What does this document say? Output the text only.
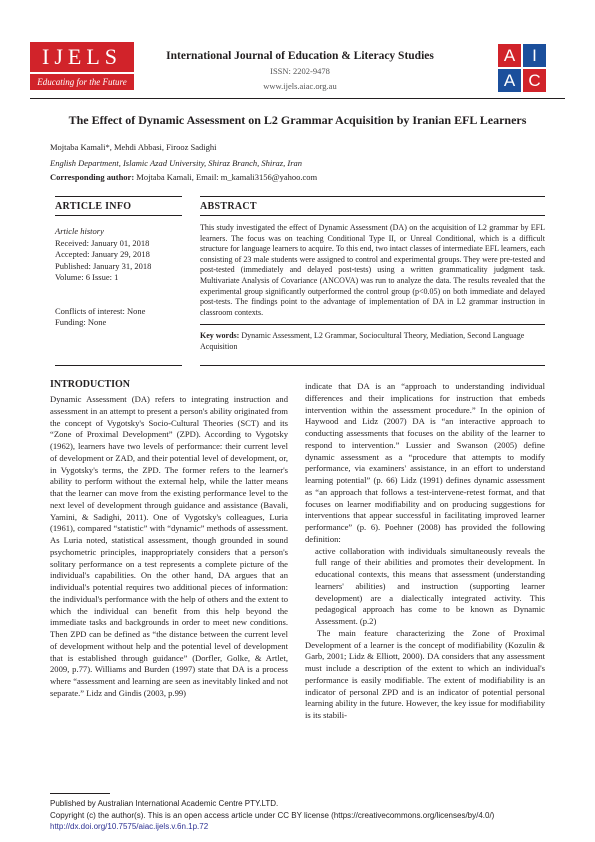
IJELS
Educating for the Future
International Journal of Education & Literacy Studies
ISSN: 2202-9478
www.ijels.aiac.org.au
A I
A C
The Effect of Dynamic Assessment on L2 Grammar Acquisition by Iranian EFL Learners
Mojtaba Kamali*, Mehdi Abbasi, Firooz Sadighi
English Department, Islamic Azad University, Shiraz Branch, Shiraz, Iran
Corresponding author: Mojtaba Kamali, Email: m_kamali3156@yahoo.com
ARTICLE INFO
Article history
Received: January 01, 2018
Accepted: January 29, 2018
Published: January 31, 2018
Volume: 6 Issue: 1
Conflicts of interest: None
Funding: None
ABSTRACT
This study investigated the effect of Dynamic Assessment (DA) on the acquisition of L2 grammar by EFL learners. The focus was on teaching Conditional Type II, or Unreal Conditional, which is a difficult structure for language learners to acquire. To this end, two intact classes of intermediate EFL learners, each consisting of 23 male students were assigned to control and experimental groups. They were pre-tested and post-tested (immediately and delayed post-tests) using a written grammaticality judgment task. Multivariate Analysis of Covariance (ANCOVA) was run to analyze the data. The results revealed that the experimental group significantly outperformed the control group (p<0.05) on both immediate and delayed post-tests. The findings point to the advantage of implementation of DA in L2 grammar instruction in classroom contexts.
Key words: Dynamic Assessment, L2 Grammar, Sociocultural Theory, Mediation, Second Language Acquisition
INTRODUCTION

Dynamic Assessment (DA) refers to integrating instruction and assessment in an attempt to present a person's ability originated from the concept of Vygotsky's Socio-Cultural Theories (SCT) and its “Zone of Proximal Development” (ZPD). According to Vygotsky (1962), learners have two levels of performance: their current level of development or ZAD, and their potential level of development, or, in Vygotsky's terms, the ZPD. The former refers to the learner's ability to perform without the external help, while the latter means that the learner can move from the existing performance level to the next level of development through guidance and assistance (Bavali, Yamini, & Sadighi, 2011). One of Vygotsky's colleagues, Luria (1961), compared “statistic” with “dynamic” methods of assessment. As Luria noted, statistical assessment, though grounded in sound psychometric principles, inappropriately considers that a person's solitary performance on a test represents a complete picture of the individual's capabilities. On the other hand, DA argues that an individual's potential requires two additional pieces of information: the individual's performance with the help of others and the extent to which the individual can benefit from this help beyond the immediate tasks and backgrounds in order to meet new conditions. Then ZPD can be defined as “the distance between the current level of development without help and the potential level of development that is established through guidance” (Dorfler, Golke, & Artlet, 2009, p.77). Williams and Burden (1997) state that DA is a process where “assessment and learning are seen as inevitably linked and not separate.” Lidz and Gindis (2003, p.99)

indicate that DA is an “approach to understanding individual differences and their implications for instruction that embeds intervention within the assessment procedure.” In the opinion of Haywood and Lidz (2007) DA is “an interactive approach to conducting assessments that focuses on the ability of the learner to respond to intervention.” Lussier and Swanson (2005) define dynamic assessment as a “procedure that attempts to modify performance, via examiners' assistance, in an effort to understand learning potential” (p. 66) Lidz (1991) defines dynamic assessment as “an approach that follows a test-intervene-retest format, and that focuses on learner modifiability and on producing suggestions for interventions that appear successful in facilitating improved learner performance” (p. 6). Poehner (2008) has provided the following definition:

active collaboration with individuals simultaneously reveals the full range of their abilities and promotes their development. In educational contexts, this means that assessment (understanding learners' abilities) and instruction (supporting learner development) are a dialectically integrated activity. This pedagogical approach has come to be known as Dynamic Assessment. (p.2)

The main feature characterizing the Zone of Proximal Development of a learner is the concept of modifiability (Kozulin & Garb, 2001; Lidz & Elliott, 2000). DA considers that any assessment must include a description of the extent to which an individual's performance is easily modifiable. The extent of modifiability is an indicator of personal ZPD and is an indicator of potential personal learning ability in the future. However, the key issue for modifiability is its stabili-

Published by Australian International Academic Centre PTY.LTD.
Copyright (c) the author(s). This is an open access article under CC BY license (https://creativecommons.org/licenses/by/4.0/)
http://dx.doi.org/10.7575/aiac.ijels.v.6n.1p.72
